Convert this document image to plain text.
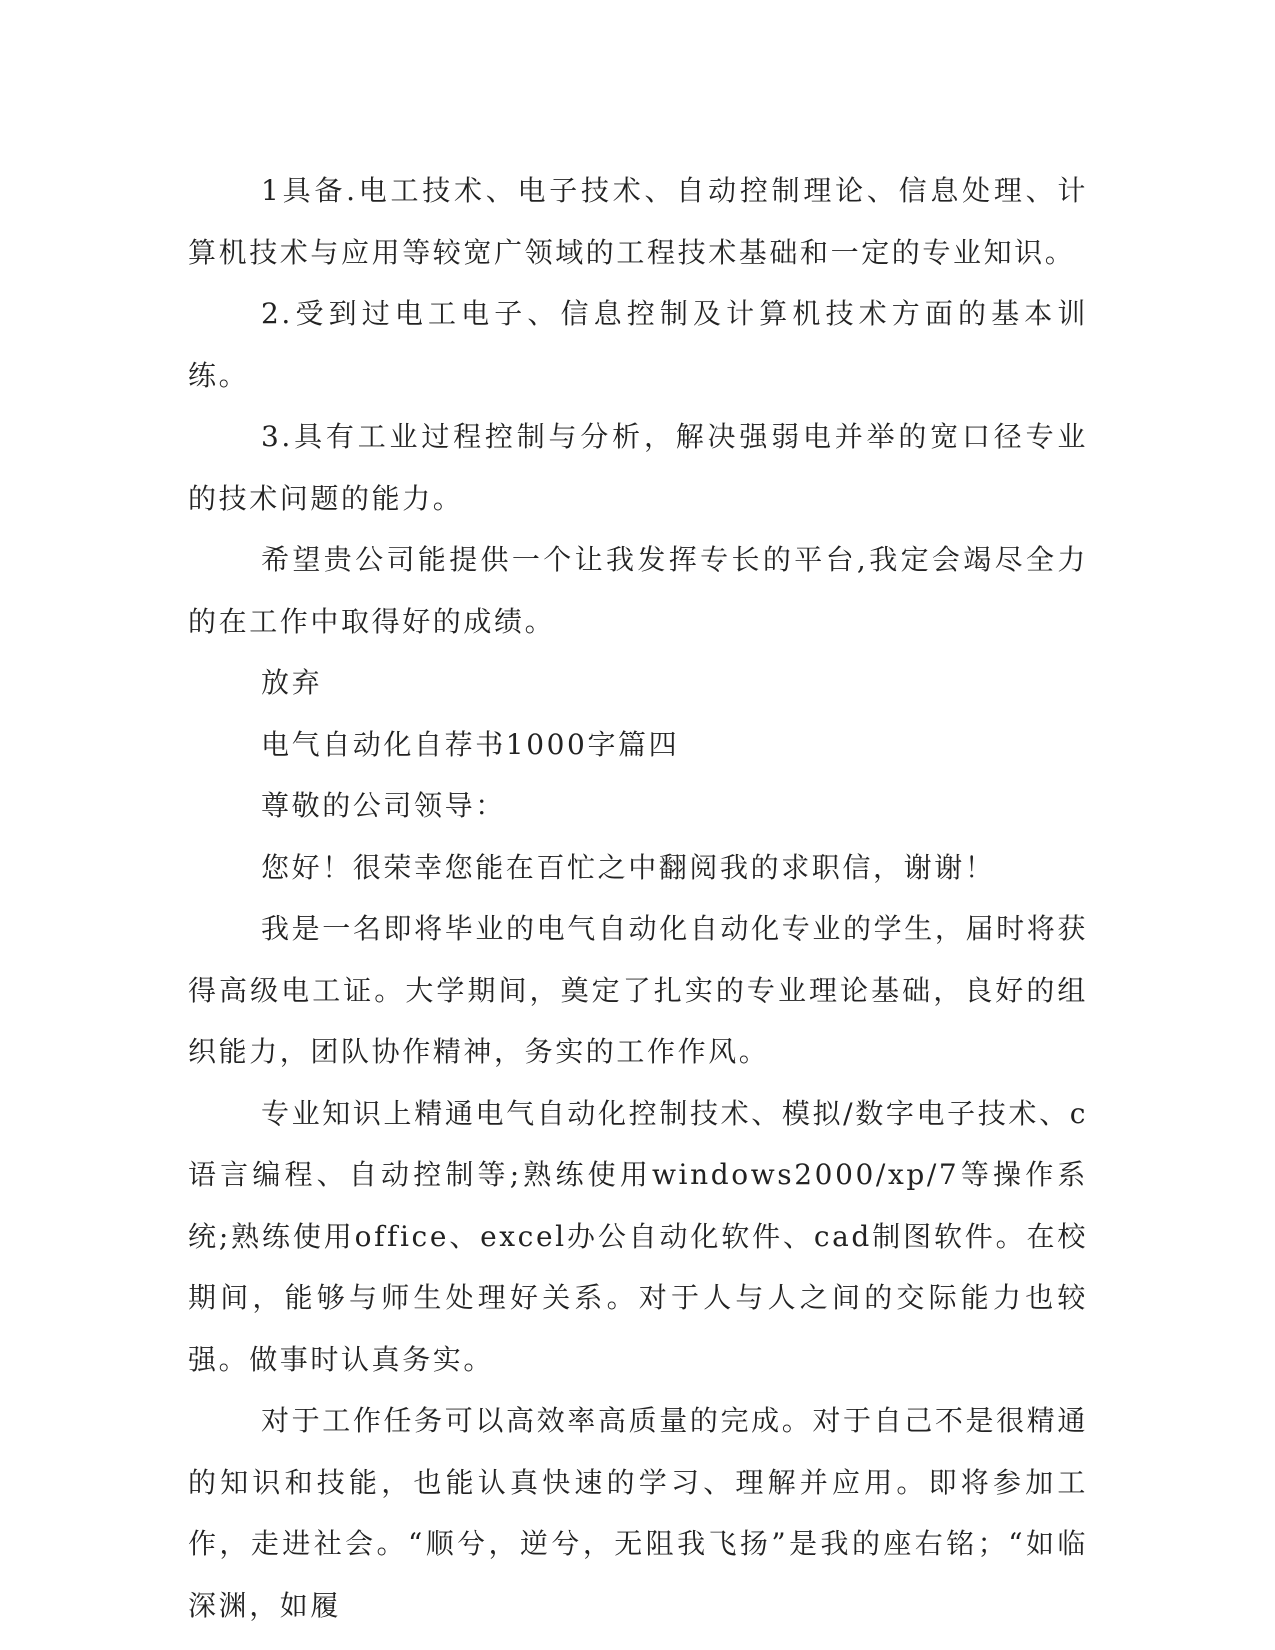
1具备.电工技术、电子技术、自动控制理论、信息处理、计算机技术与应用等较宽广领域的工程技术基础和一定的专业知识。

2.受到过电工电子、信息控制及计算机技术方面的基本训练。

3.具有工业过程控制与分析，解决强弱电并举的宽口径专业的技术问题的能力。

希望贵公司能提供一个让我发挥专长的平台,我定会竭尽全力的在工作中取得好的成绩。

放弃

电气自动化自荐书1000字篇四

尊敬的公司领导：

您好！很荣幸您能在百忙之中翻阅我的求职信，谢谢！

我是一名即将毕业的电气自动化自动化专业的学生，届时将获得高级电工证。大学期间，奠定了扎实的专业理论基础，良好的组织能力，团队协作精神，务实的工作作风。

专业知识上精通电气自动化控制技术、模拟/数字电子技术、c语言编程、自动控制等;熟练使用windows2000/xp/7等操作系统;熟练使用office、excel办公自动化软件、cad制图软件。在校期间，能够与师生处理好关系。对于人与人之间的交际能力也较强。做事时认真务实。

对于工作任务可以高效率高质量的完成。对于自己不是很精通的知识和技能，也能认真快速的学习、理解并应用。即将参加工作，走进社会。“顺兮，逆兮，无阻我飞扬”是我的座右铭；“如临深渊，如履
